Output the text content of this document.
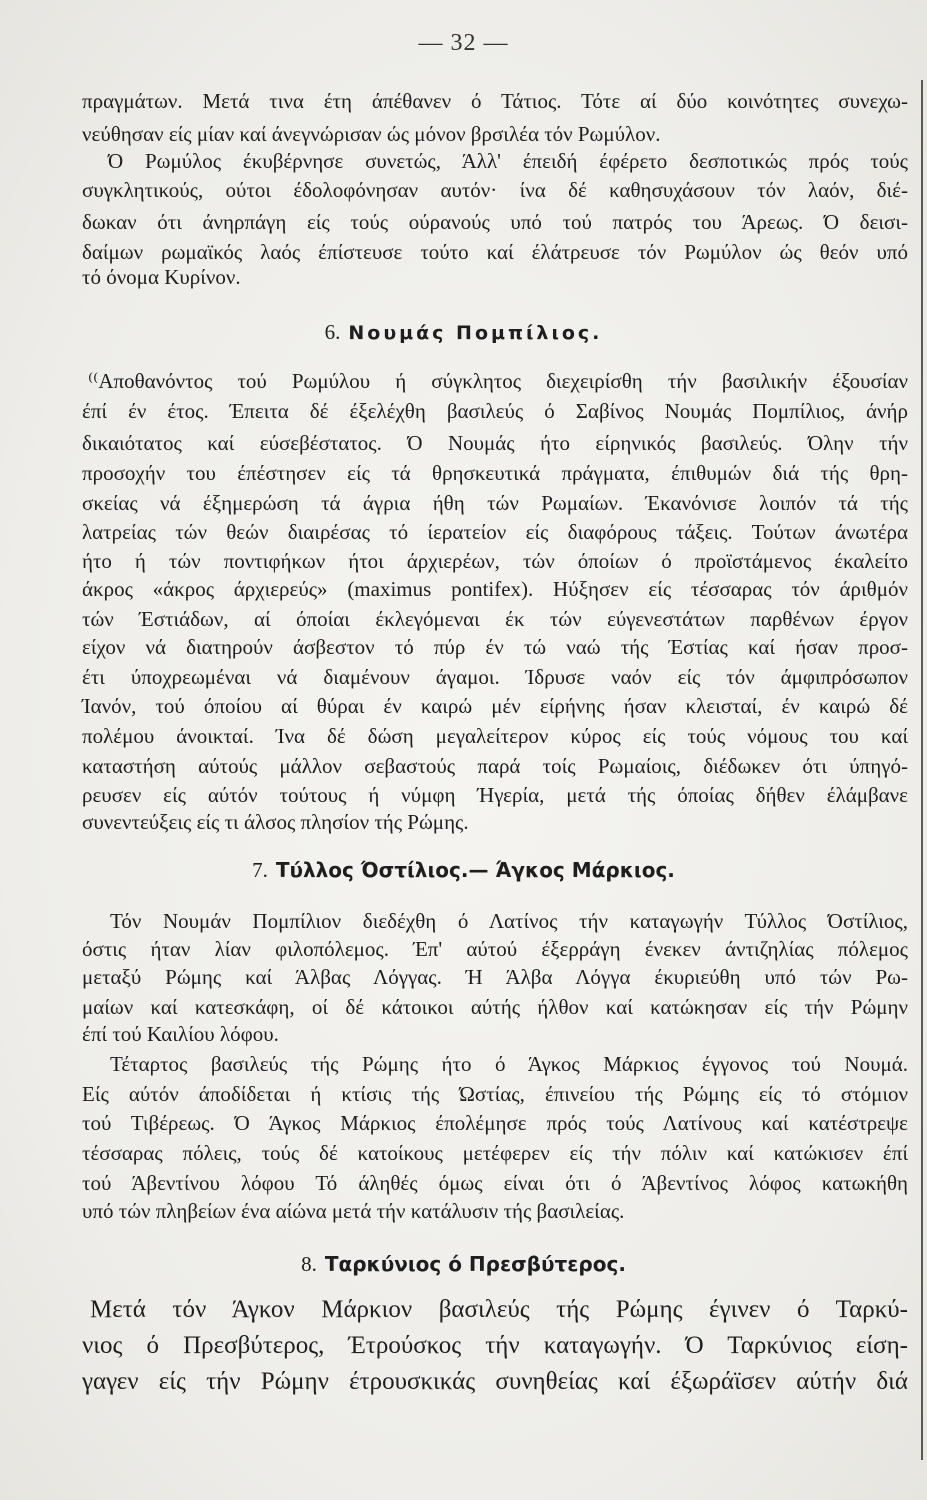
— 32 —
πραγμάτων. Μετά τινα έτη άπέθανεν ό Τάτιος. Τότε αί δύο κοινότητες συνεχω-
νεύθησαν είς μίαν καί άνεγνώρισαν ώς μόνον βρσιλέα τόν Ρωμύλον.
Ό Ρωμύλος έκυβέρνησε συνετώς, Άλλ' έπειδή έφέρετο δεσποτικώς πρός τούς
συγκλητικούς, ούτοι έδολοφόνησαν αυτόν· ίνα δέ καθησυχάσουν τόν λαόν, διέ-
δωκαν ότι άνηρπάγη είς τούς ούρανούς υπό τού πατρός του Άρεως. Ό δεισι-
δαίμων ρωμαϊκός λαός έπίστευσε τούτο καί έλάτρευσε τόν Ρωμύλον ώς θεόν υπό
τό όνομα Κυρίνον.
6. Νουμάς Πομπίλιος.
⁽⁽Αποθανόντος τού Ρωμύλου ή σύγκλητος διεχειρίσθη τήν βασιλικήν έξουσίαν
έπί έν έτος. Έπειτα δέ έξελέχθη βασιλεύς ό Σαβίνος Νουμάς Πομπίλιος, άνήρ
δικαιότατος καί εύσεβέστατος. Ό Νουμάς ήτο είρηνικός βασιλεύς. Όλην τήν
προσοχήν του έπέστησεν είς τά θρησκευτικά πράγματα, έπιθυμών διά τής θρη-
σκείας νά έξημερώση τά άγρια ήθη τών Ρωμαίων. Έκανόνισε λοιπόν τά τής
λατρείας τών θεών διαιρέσας τό ίερατείον είς διαφόρους τάξεις. Τούτων άνωτέρα
ήτο ή τών ποντιφήκων ήτοι άρχιερέων, τών όποίων ό προϊστάμενος έκαλείτο
άκρος «άκρος άρχιερεύς» (maximus pontifex). Ηύξησεν είς τέσσαρας τόν άριθμόν
τών Έστιάδων, αί όποίαι έκλεγόμεναι έκ τών εύγενεστάτων παρθένων έργον
είχον νά διατηρούν άσβεστον τό πύρ έν τώ ναώ τής Έστίας καί ήσαν προσ-
έτι ύποχρεωμέναι νά διαμένουν άγαμοι. Ίδρυσε ναόν είς τόν άμφιπρόσωπον
Ίανόν, τού όποίου αί θύραι έν καιρώ μέν είρήνης ήσαν κλεισταί, έν καιρώ δέ
πολέμου άνοικταί. Ίνα δέ δώση μεγαλείτερον κύρος είς τούς νόμους του καί
καταστήση αύτούς μάλλον σεβαστούς παρά τοίς Ρωμαίοις, διέδωκεν ότι ύπηγό-
ρευσεν είς αύτόν τούτους ή νύμφη Ήγερία, μετά τής όποίας δήθεν έλάμβανε
συνεντεύξεις είς τι άλσος πλησίον τής Ρώμης.
7. Τύλλος Όστίλιος.— Άγκος Μάρκιος.
Τόν Νουμάν Πομπίλιον διεδέχθη ό Λατίνος τήν καταγωγήν Τύλλος Όστίλιος,
όστις ήταν λίαν φιλοπόλεμος. Έπ' αύτού έξερράγη ένεκεν άντιζηλίας πόλεμος
μεταξύ Ρώμης καί Άλβας Λόγγας. Ή Άλβα Λόγγα έκυριεύθη υπό τών Ρω-
μαίων καί κατεσκάφη, οί δέ κάτοικοι αύτής ήλθον καί κατώκησαν είς τήν Ρώμην
έπί τού Καιλίου λόφου.
Τέταρτος βασιλεύς τής Ρώμης ήτο ό Άγκος Μάρκιος έγγονος τού Νουμά.
Είς αύτόν άποδίδεται ή κτίσις τής Ώστίας, έπινείου τής Ρώμης είς τό στόμιον
τού Τιβέρεως. Ό Άγκος Μάρκιος έπολέμησε πρός τούς Λατίνους καί κατέστρεψε
τέσσαρας πόλεις, τούς δέ κατοίκους μετέφερεν είς τήν πόλιν καί κατώκισεν έπί
τού Άβεντίνου λόφου Τό άληθές όμως είναι ότι ό Άβεντίνος λόφος κατωκήθη
υπό τών πληβείων ένα αίώνα μετά τήν κατάλυσιν τής βασιλείας.
8. Ταρκύνιος ό Πρεσβύτερος.
Μετά τόν Άγκον Μάρκιον βασιλεύς τής Ρώμης έγινεν ό Ταρκύ-
νιος ό Πρεσβύτερος, Έτρούσκος τήν καταγωγήν. Ό Ταρκύνιος είση-
γαγεν είς τήν Ρώμην έτρουσκικάς συνηθείας καί έξωράϊσεν αύτήν διά
